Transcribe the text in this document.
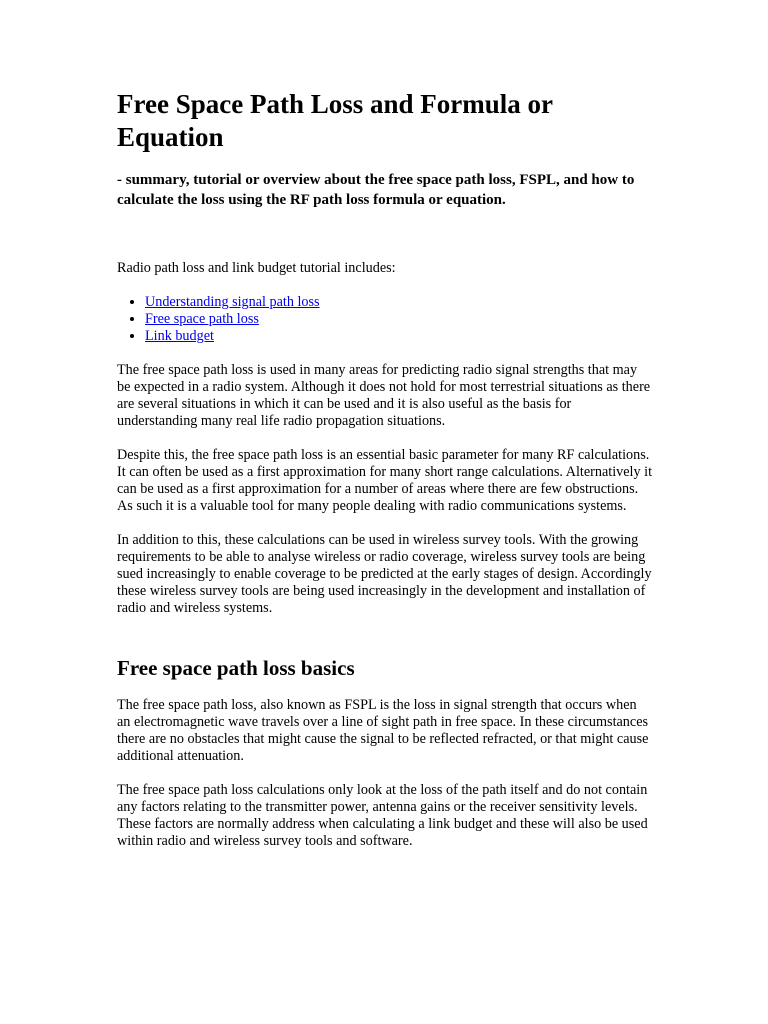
Free Space Path Loss and Formula or Equation
- summary, tutorial or overview about the free space path loss, FSPL, and how to calculate the loss using the RF path loss formula or equation.

Radio path loss and link budget tutorial includes:

• Understanding signal path loss
• Free space path loss
• Link budget

The free space path loss is used in many areas for predicting radio signal strengths that may be expected in a radio system. Although it does not hold for most terrestrial situations as there are several situations in which it can be used and it is also useful as the basis for understanding many real life radio propagation situations.

Despite this, the free space path loss is an essential basic parameter for many RF calculations. It can often be used as a first approximation for many short range calculations. Alternatively it can be used as a first approximation for a number of areas where there are few obstructions. As such it is a valuable tool for many people dealing with radio communications systems.

In addition to this, these calculations can be used in wireless survey tools. With the growing requirements to be able to analyse wireless or radio coverage, wireless survey tools are being sued increasingly to enable coverage to be predicted at the early stages of design. Accordingly these wireless survey tools are being used increasingly in the development and installation of radio and wireless systems.

Free space path loss basics

The free space path loss, also known as FSPL is the loss in signal strength that occurs when an electromagnetic wave travels over a line of sight path in free space. In these circumstances there are no obstacles that might cause the signal to be reflected refracted, or that might cause additional attenuation.

The free space path loss calculations only look at the loss of the path itself and do not contain any factors relating to the transmitter power, antenna gains or the receiver sensitivity levels. These factors are normally address when calculating a link budget and these will also be used within radio and wireless survey tools and software.
